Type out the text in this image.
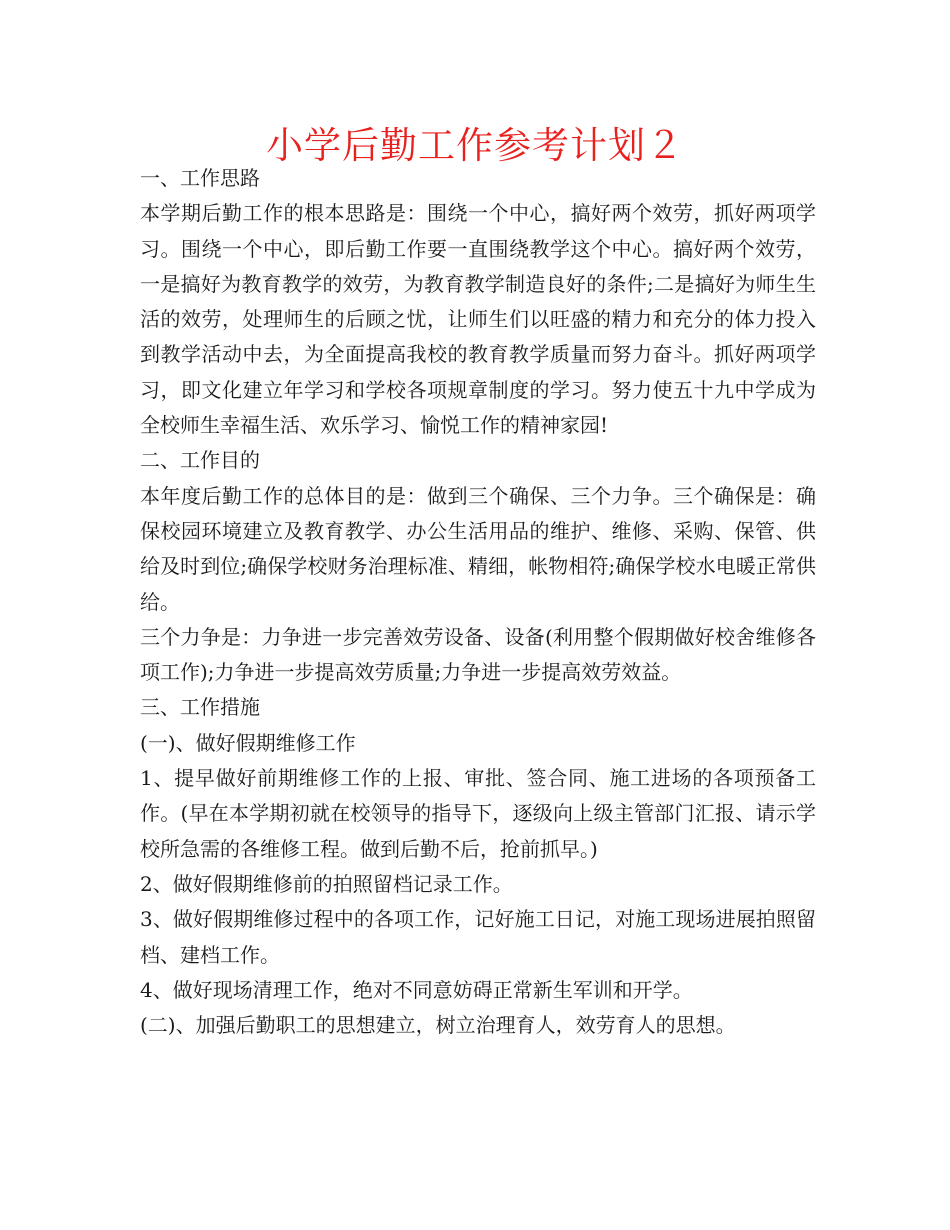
小学后勤工作参考计划２

一、工作思路

本学期后勤工作的根本思路是：围绕一个中心，搞好两个效劳，抓好两项学习。围绕一个中心，即后勤工作要一直围绕教学这个中心。搞好两个效劳，一是搞好为教育教学的效劳，为教育教学制造良好的条件;二是搞好为师生生活的效劳，处理师生的后顾之忧，让师生们以旺盛的精力和充分的体力投入到教学活动中去，为全面提高我校的教育教学质量而努力奋斗。抓好两项学习，即文化建立年学习和学校各项规章制度的学习。努力使五十九中学成为全校师生幸福生活、欢乐学习、愉悦工作的精神家园!

二、工作目的

本年度后勤工作的总体目的是：做到三个确保、三个力争。三个确保是：确保校园环境建立及教育教学、办公生活用品的维护、维修、采购、保管、供给及时到位;确保学校财务治理标准、精细，帐物相符;确保学校水电暖正常供给。

三个力争是：力争进一步完善效劳设备、设备(利用整个假期做好校舍维修各项工作);力争进一步提高效劳质量;力争进一步提高效劳效益。

三、工作措施

(一)、做好假期维修工作

1、提早做好前期维修工作的上报、审批、签合同、施工进场的各项预备工作。(早在本学期初就在校领导的指导下，逐级向上级主管部门汇报、请示学校所急需的各维修工程。做到后勤不后，抢前抓早。)

2、做好假期维修前的拍照留档记录工作。

3、做好假期维修过程中的各项工作，记好施工日记，对施工现场进展拍照留档、建档工作。

4、做好现场清理工作，绝对不同意妨碍正常新生军训和开学。

(二)、加强后勤职工的思想建立，树立治理育人，效劳育人的思想。
